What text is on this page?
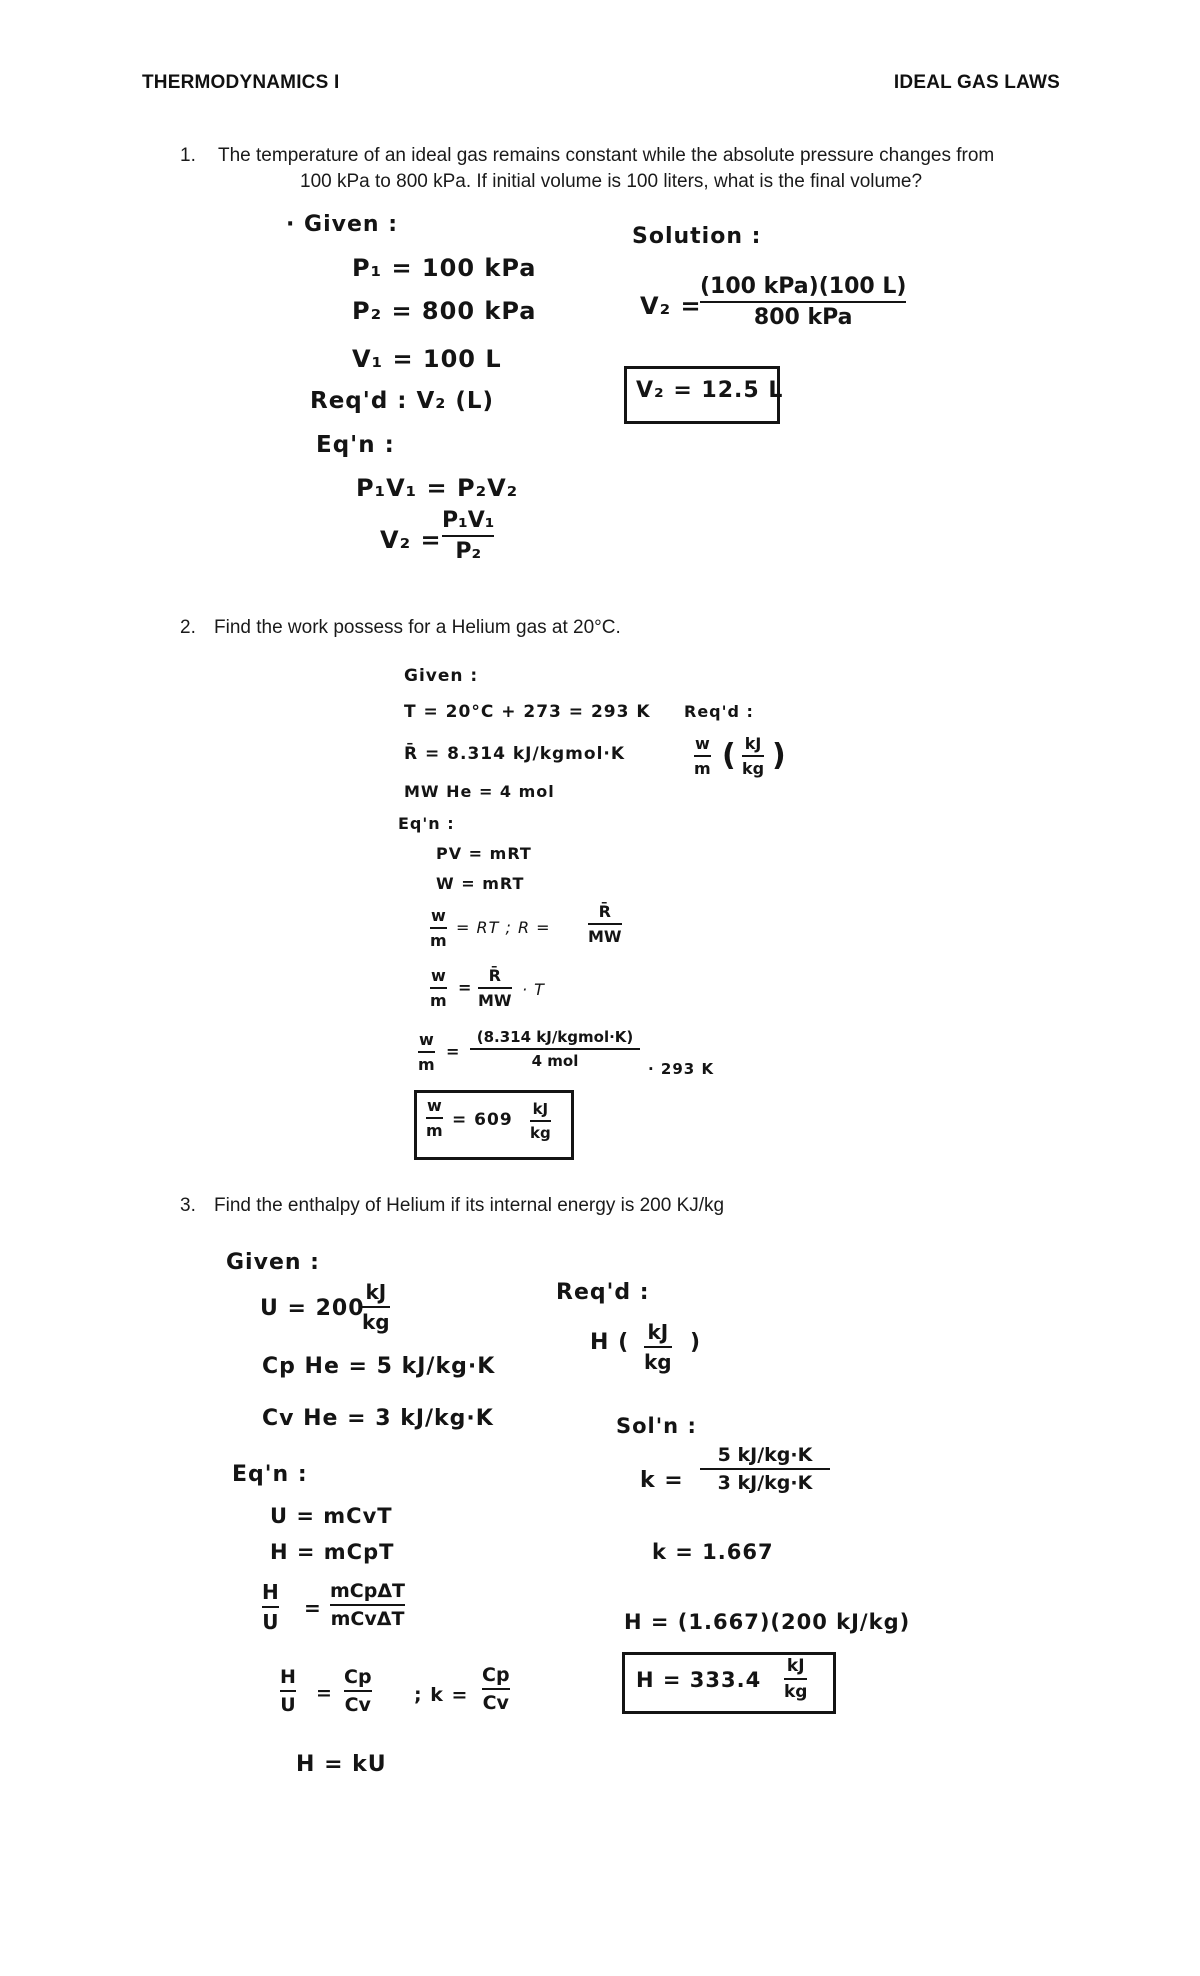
THERMODYNAMICS I	IDEAL GAS LAWS
1.	The temperature of an ideal gas remains constant while the absolute pressure changes from
100 kPa to 800 kPa. If initial volume is 100 liters, what is the final volume?
· Given :
P₁ = 100 kPa
P₂ = 800 kPa
V₁ = 100 L
Req'd : V₂ (L)
Eq'n :
P₁V₁ = P₂V₂
V₂ =
P₁V₁
P₂
Solution :
V₂ =
(100 kPa)(100 L)
800 kPa
V₂ = 12.5 L
2. Find the work possess for a Helium gas at 20°C.
Given :
T = 20°C + 273 = 293 K
R̄ = 8.314 kJ/kgmol·K
MW He = 4 mol
Req'd :
w
m ( kJ
kg )
Eq'n :
PV = mRT
W = mRT
w
m
= RT ; R =
R̄
MW
w
m
=
R̄
MW
· T
w
m
=
(8.314 kJ/kgmol·K)
4 mol	· 293 K
w
m
= 609
kJ
kg
3. Find the enthalpy of Helium if its internal energy is 200 KJ/kg
Given :
U = 200
kJ
kg
Cp He = 5 kJ/kg·K
Cv He = 3 kJ/kg·K
Req'd :
H ( kJ
kg
)
Eq'n :
U = mCvT
H = mCpT
H
U
=
mCpΔT
mCvΔT
H
U
=
Cp
Cv ; k =
Cp
Cv
H = kU
Sol'n :
k =
5 kJ/kg·K
3 kJ/kg·K
k = 1.667
H = (1.667)(200 kJ/kg)
H = 333.4
kJ
kg
